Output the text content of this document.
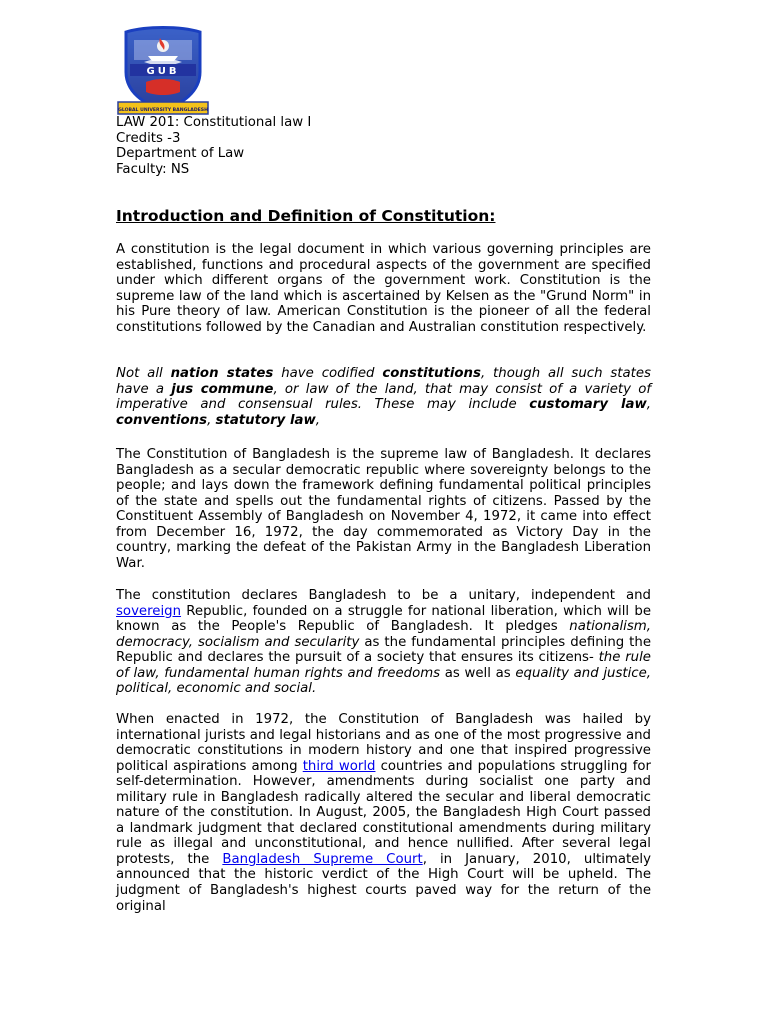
GUB
GLOBAL UNIVERSITY BANGLADESH
LAW 201: Constitutional law I
Credits -3
Department of Law
Faculty: NS
Introduction and Definition of Constitution:

A constitution is the legal document in which various governing principles are established, functions and procedural aspects of the government are specified under which different organs of the government work. Constitution is the supreme law of the land which is ascertained by Kelsen as the "Grund Norm" in his Pure theory of law. American Constitution is the pioneer of all the federal constitutions followed by the Canadian and Australian constitution respectively.

Not all nation states have codified constitutions, though all such states have a jus commune, or law of the land, that may consist of a variety of imperative and consensual rules. These may include customary law, conventions, statutory law,

The Constitution of Bangladesh is the supreme law of Bangladesh. It declares Bangladesh as a secular democratic republic where sovereignty belongs to the people; and lays down the framework defining fundamental political principles of the state and spells out the fundamental rights of citizens. Passed by the Constituent Assembly of Bangladesh on November 4, 1972, it came into effect from December 16, 1972, the day commemorated as Victory Day in the country, marking the defeat of the Pakistan Army in the Bangladesh Liberation War.

The constitution declares Bangladesh to be a unitary, independent and sovereign Republic, founded on a struggle for national liberation, which will be known as the People's Republic of Bangladesh. It pledges nationalism, democracy, socialism and secularity as the fundamental principles defining the Republic and declares the pursuit of a society that ensures its citizens- the rule of law, fundamental human rights and freedoms as well as equality and justice, political, economic and social.

When enacted in 1972, the Constitution of Bangladesh was hailed by international jurists and legal historians and as one of the most progressive and democratic constitutions in modern history and one that inspired progressive political aspirations among third world countries and populations struggling for self-determination. However, amendments during socialist one party and military rule in Bangladesh radically altered the secular and liberal democratic nature of the constitution. In August, 2005, the Bangladesh High Court passed a landmark judgment that declared constitutional amendments during military rule as illegal and unconstitutional, and hence nullified. After several legal protests, the Bangladesh Supreme Court, in January, 2010, ultimately announced that the historic verdict of the High Court will be upheld. The judgment of Bangladesh's highest courts paved way for the return of the original
